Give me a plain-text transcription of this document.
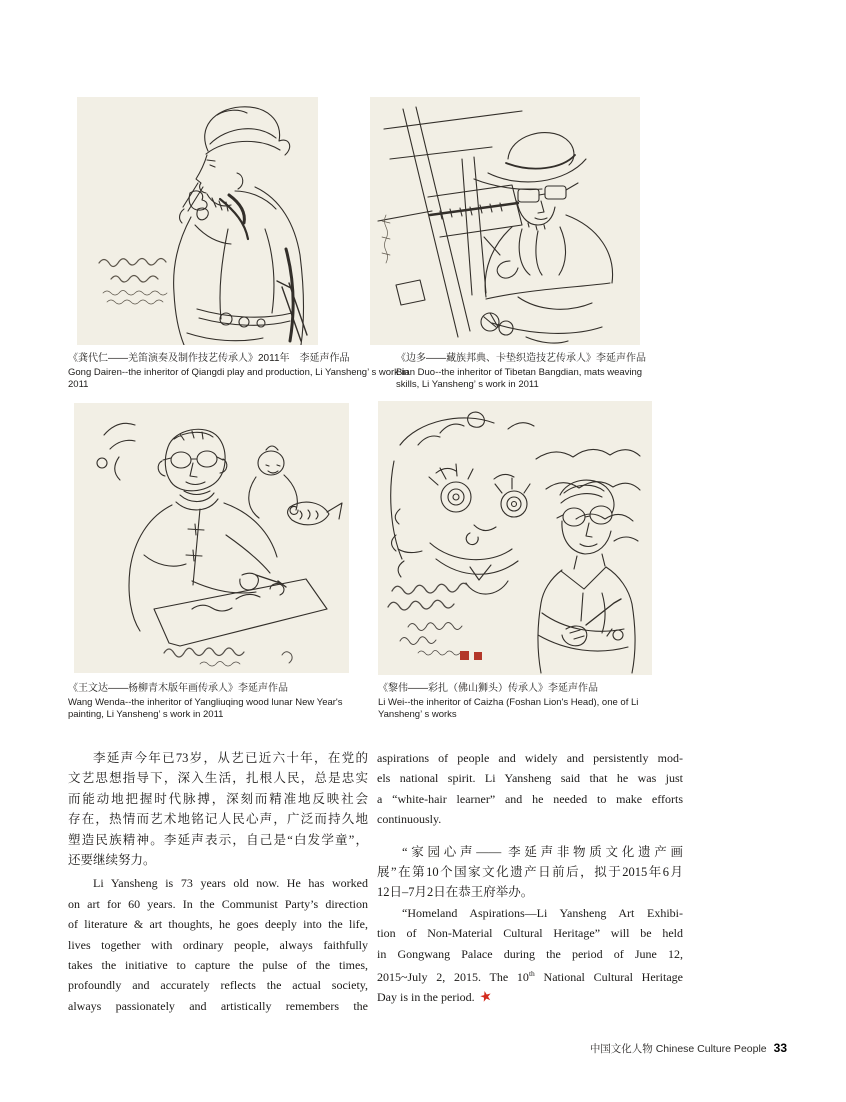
《龚代仁——羌笛演奏及制作技艺传承人》2011年　李延声作品
Gong Dairen--the inheritor of Qiangdi play and production, Li Yansheng’ s work in 2011
《边多——藏族邦典、卡垫织造技艺传承人》李延声作品
Bian Duo--the inheritor of Tibetan Bangdian, mats weaving skills, Li Yansheng’ s work in 2011
《王文达——杨柳青木版年画传承人》李延声作品
Wang Wenda--the inheritor of Yangliuqing wood lunar New Year's painting, Li Yansheng’ s work in 2011
《黎伟——彩扎（佛山狮头）传承人》李延声作品
Li Wei--the inheritor of Caizha (Foshan Lion's Head), one of Li Yansheng’ s works
李延声今年已73岁，从艺已近六十年，在党的
文艺思想指导下，深入生活，扎根人民，总是忠实
而能动地把握时代脉搏，深刻而精准地反映社会
存在，热情而艺术地铭记人民心声，广泛而持久地
塑造民族精神。李延声表示，自己是“白发学童”，
还要继续努力。
Li Yansheng is 73 years old now. He has worked
on art for 60 years. In the Communist Party’s direction
of literature & art thoughts, he goes deeply into the life,
lives together with ordinary people, always faithfully
takes the initiative to capture the pulse of the times,
profoundly and accurately reflects the actual society,
always passionately and artistically remembers the
aspirations of people and widely and persistently mod-
els national spirit. Li Yansheng said that he was just
a “white-hair learner” and he needed to make efforts
continuously.
“家园心声—— 李延声非物质文化遗产画
展”在第10个国家文化遗产日前后，拟于2015年6月
12日–7月2日在恭王府举办。
“Homeland Aspirations—Li Yansheng Art Exhibi-
tion of Non-Material Cultural Heritage” will be held
in Gongwang Palace during the period of June 12,
2015~July 2, 2015. The 10th National Cultural Heritage
Day is in the period. ★
中国文化人物 Chinese Culture People 33
